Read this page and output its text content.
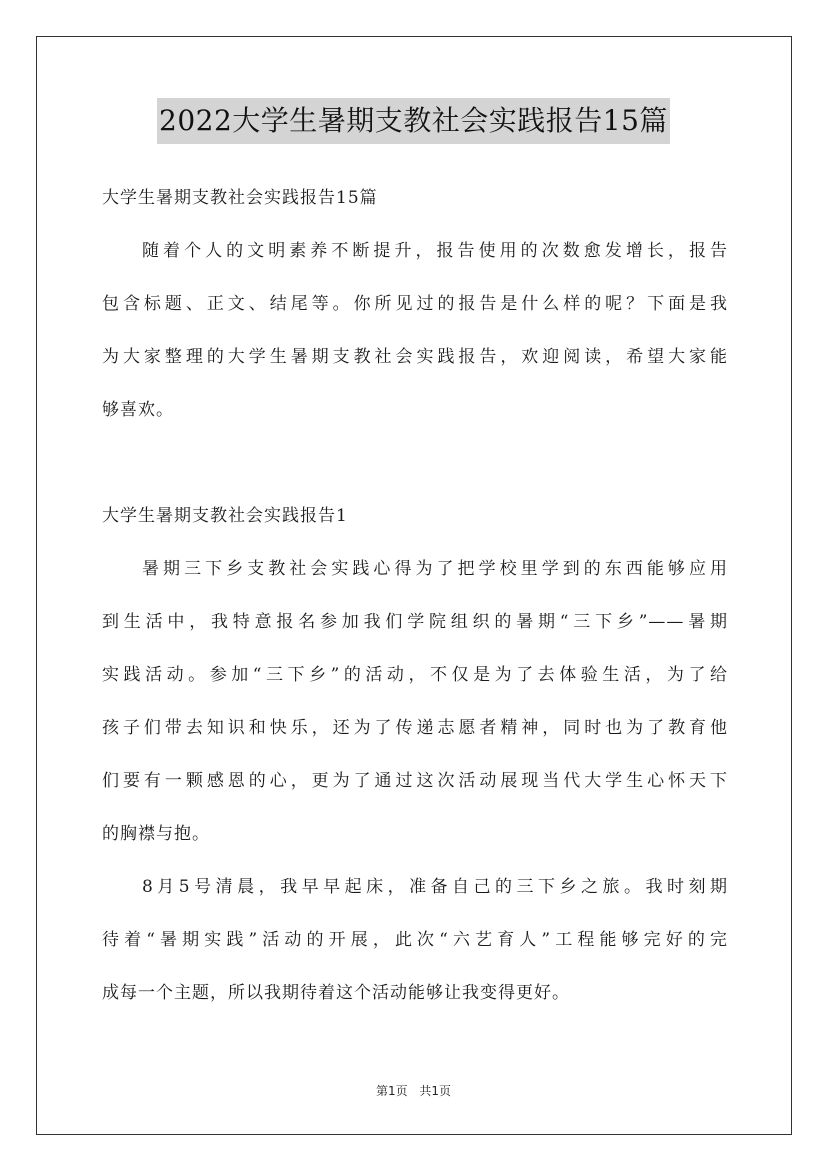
2022大学生暑期支教社会实践报告15篇
大学生暑期支教社会实践报告15篇
随着个人的文明素养不断提升，报告使用的次数愈发增长，报告
包含标题、正文、结尾等。你所见过的报告是什么样的呢？下面是我
为大家整理的大学生暑期支教社会实践报告，欢迎阅读，希望大家能
够喜欢。
大学生暑期支教社会实践报告1
暑期三下乡支教社会实践心得为了把学校里学到的东西能够应用
到生活中，我特意报名参加我们学院组织的暑期“三下乡”——暑期
实践活动。参加“三下乡”的活动，不仅是为了去体验生活，为了给
孩子们带去知识和快乐，还为了传递志愿者精神，同时也为了教育他
们要有一颗感恩的心，更为了通过这次活动展现当代大学生心怀天下
的胸襟与抱。
8月5号清晨，我早早起床，准备自己的三下乡之旅。我时刻期
待着“暑期实践”活动的开展，此次“六艺育人”工程能够完好的完
成每一个主题，所以我期待着这个活动能够让我变得更好。
第1页 共1页
